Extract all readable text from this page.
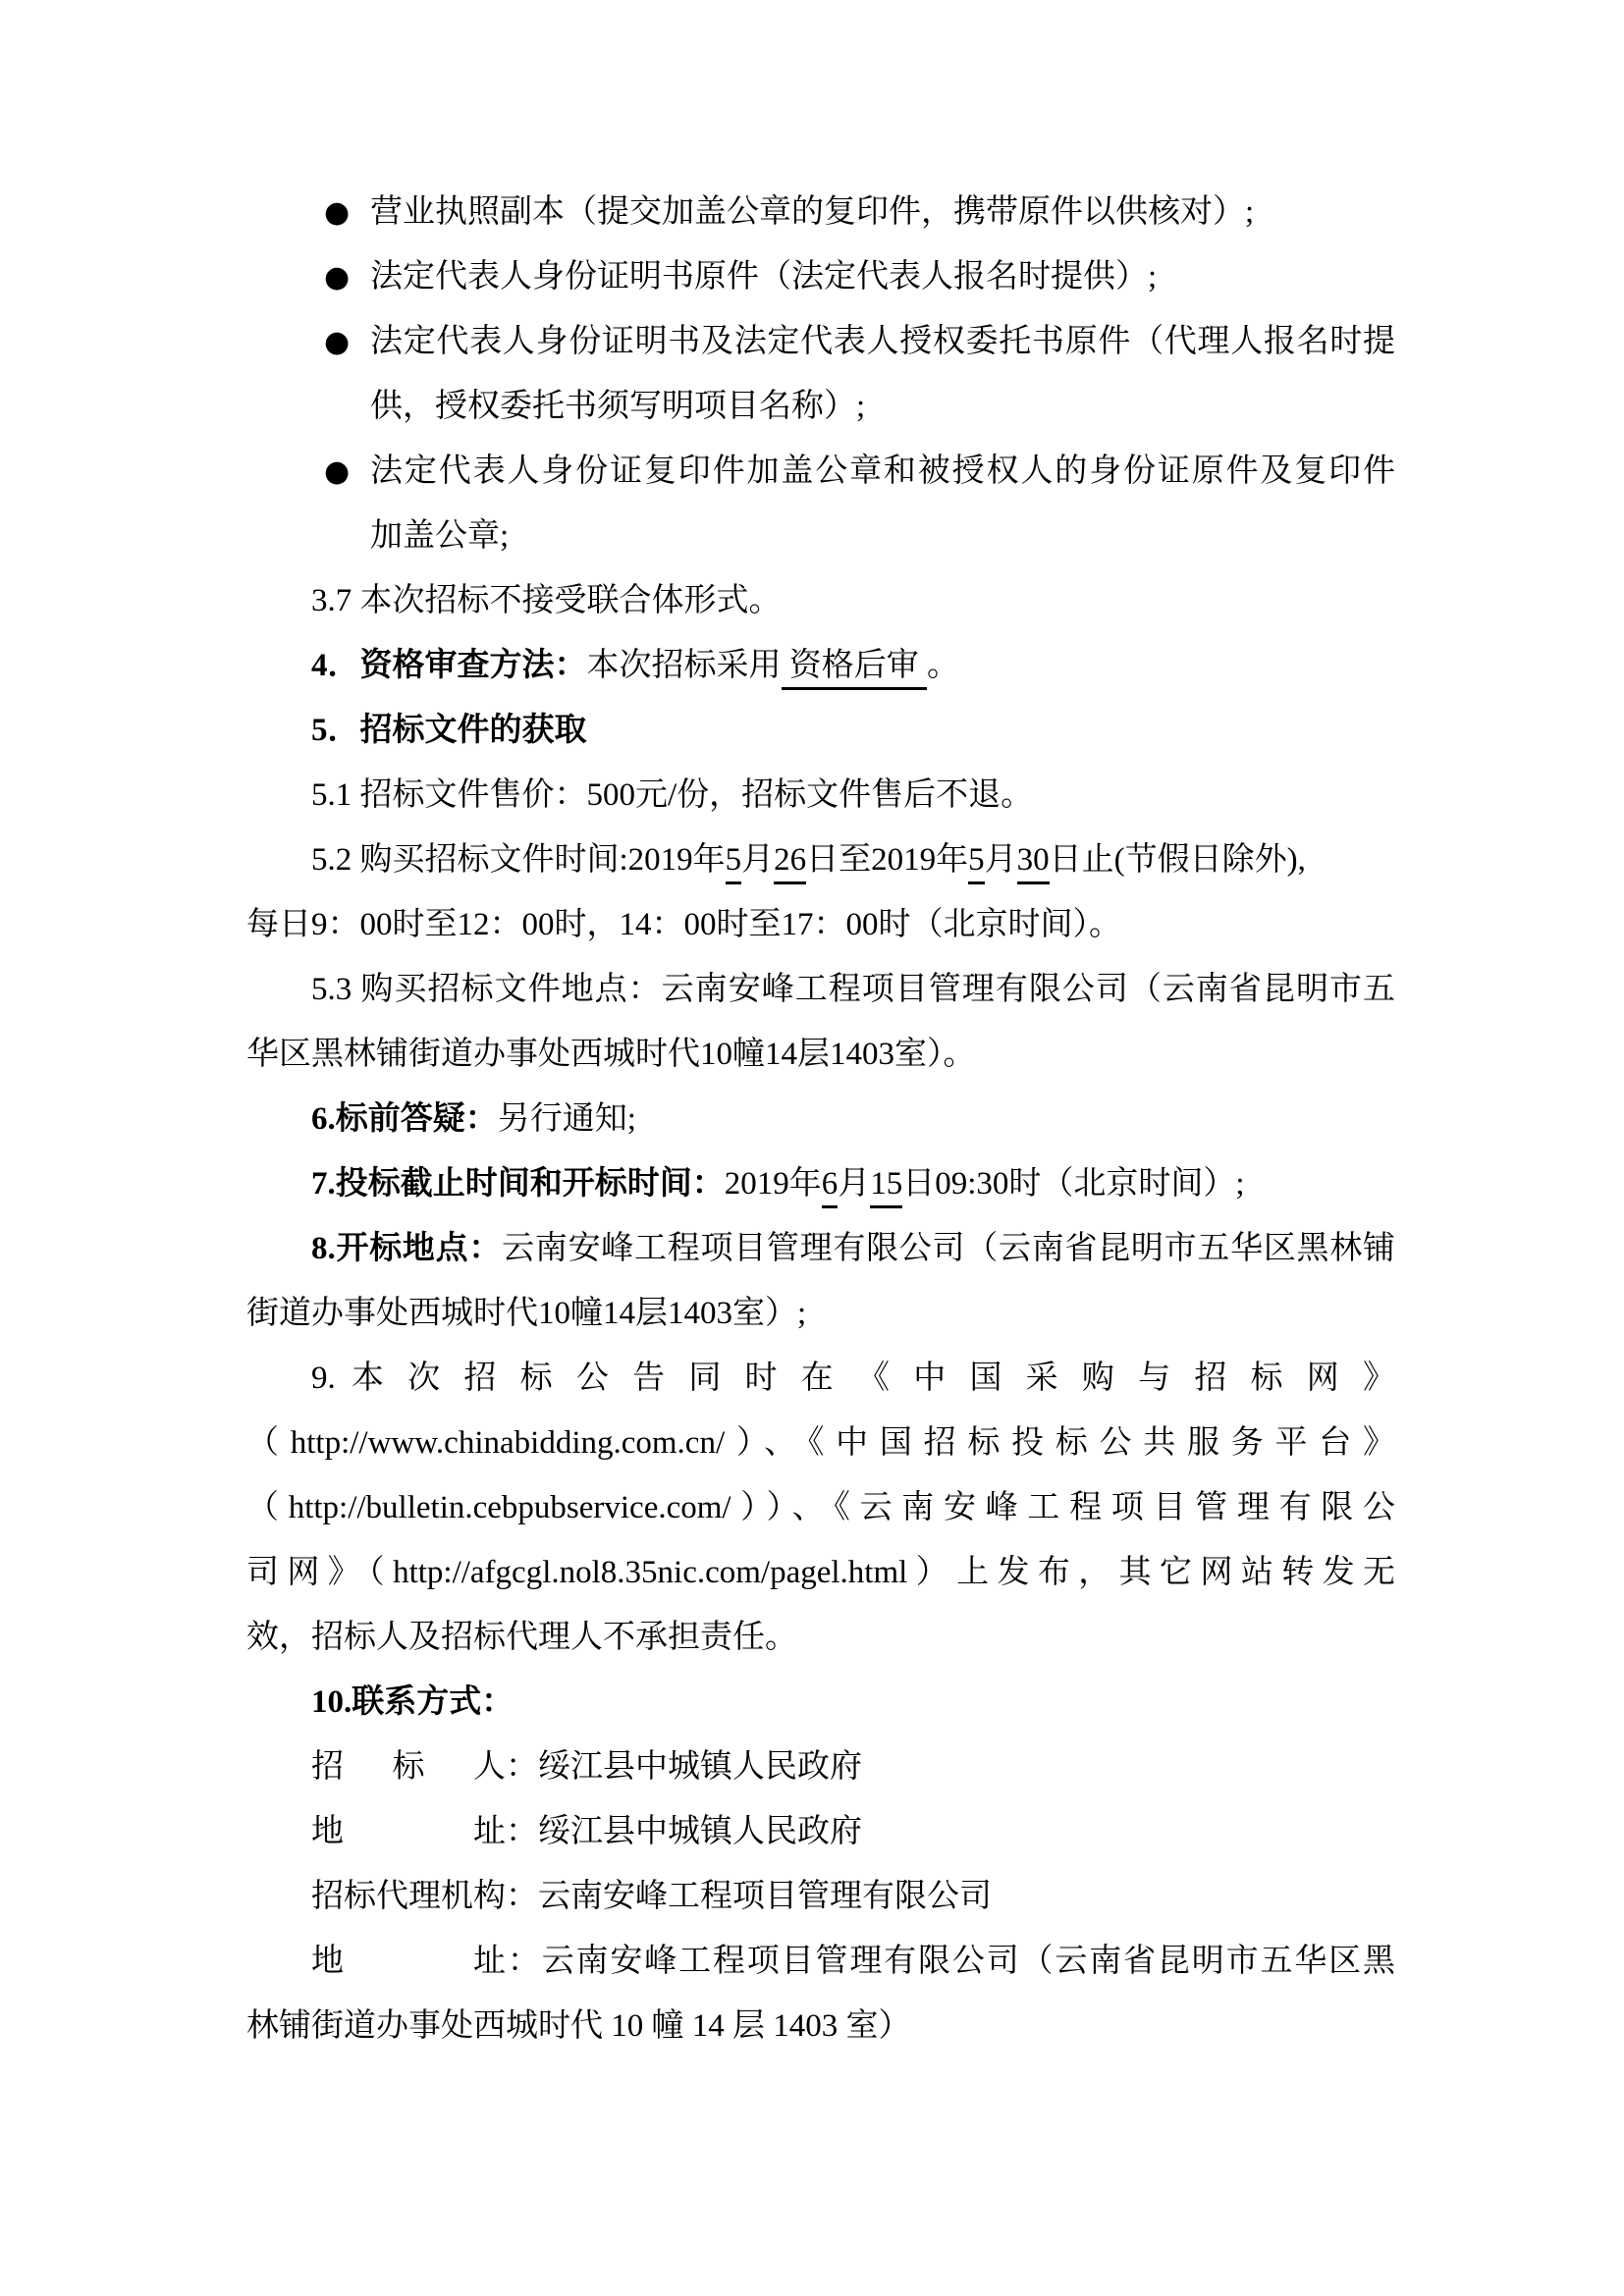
● 营业执照副本（提交加盖公章的复印件，携带原件以供核对）;
● 法定代表人身份证明书原件（法定代表人报名时提供）;
● 法定代表人身份证明书及法定代表人授权委托书原件（代理人报名时提
供，授权委托书须写明项目名称）;
● 法定代表人身份证复印件加盖公章和被授权人的身份证原件及复印件
加盖公章;
3.7 本次招标不接受联合体形式。
4．资格审查方法：本次招标采用 资格后审 。
5．招标文件的获取
5.1 招标文件售价：500元/份，招标文件售后不退。
5.2 购买招标文件时间:2019年5月26日至2019年5月30日止(节假日除外),
每日9：00时至12：00时，14：00时至17：00时（北京时间）。
5.3 购买招标文件地点：云南安峰工程项目管理有限公司（云南省昆明市五
华区黑林铺街道办事处西城时代10幢14层1403室）。
6.标前答疑：另行通知;
7.投标截止时间和开标时间：2019年6月15日09:30时（北京时间）;
8.开标地点：云南安峰工程项目管理有限公司（云南省昆明市五华区黑林铺
街道办事处西城时代10幢14层1403室）;
9. 本 次 招 标 公 告 同 时 在 《 中 国 采 购 与 招 标 网 》
（http://www.chinabidding.com.cn/）、《中国招标投标公共服务平台》
（http://bulletin.cebpubservice.com/））、《云南安峰工程项目管理有限公
司网》（http://afgcgl.nol8.35nic.com/pagel.html）上发布，其它网站转发无
效，招标人及招标代理人不承担责任。
10.联系方式：
招 标 人：绥江县中城镇人民政府
地 址：绥江县中城镇人民政府
招标代理机构：云南安峰工程项目管理有限公司
地 址：云南安峰工程项目管理有限公司（云南省昆明市五华区黑
林铺街道办事处西城时代 10 幢 14 层 1403 室）
